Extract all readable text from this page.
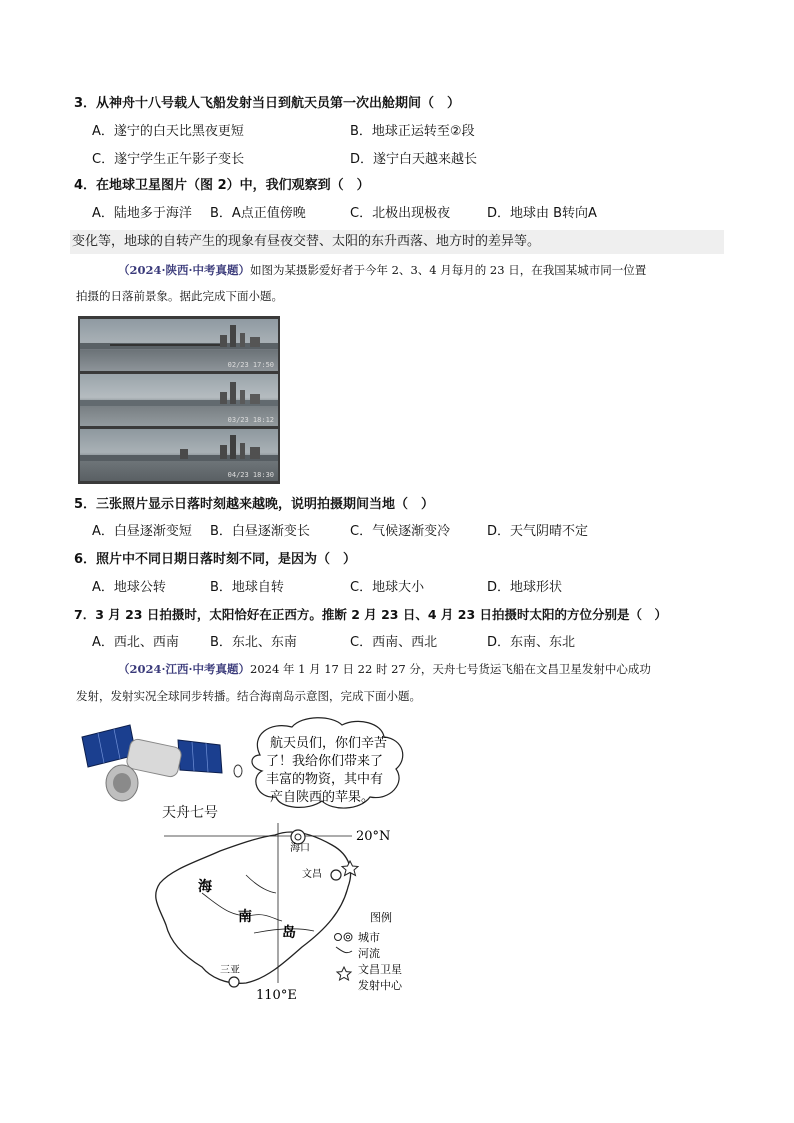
3．从神舟十八号载人飞船发射当日到航天员第一次出舱期间（　）
A．遂宁的白天比黑夜更短	B．地球正运转至②段
C．遂宁学生正午影子变长	D．遂宁白天越来越长
4．在地球卫星图片（图 2）中，我们观察到（　）
A．陆地多于海洋 B．A点正值傍晚	C．北极出现极夜	D．地球由 B转向A
变化等，地球的自转产生的现象有昼夜交替、太阳的东升西落、地方时的差异等。
（2024·陕西·中考真题）如图为某摄影爱好者于今年 2、3、4 月每月的 23 日，在我国某城市同一位置
拍摄的日落前景象。据此完成下面小题。
02/23 17:50
03/23 18:12
04/23 18:30
5．三张照片显示日落时刻越来越晚，说明拍摄期间当地（　）
A．白昼逐渐变短 B．白昼逐渐变长	C．气候逐渐变冷	D．天气阴晴不定
6．照片中不同日期日落时刻不同，是因为（　）
A．地球公转	B．地球自转	C．地球大小	D．地球形状
7．3 月 23 日拍摄时，太阳恰好在正西方。推断 2 月 23 日、4 月 23 日拍摄时太阳的方位分别是（　）
A．西北、西南 B．东北、东南	C．西南、西北	D．东南、东北
（2024·江西·中考真题）2024 年 1 月 17 日 22 时 27 分，天舟七号货运飞船在文昌卫星发射中心成功
发射，发射实况全球同步转播。结合海南岛示意图，完成下面小题。
天舟七号
航天员们，你们辛苦
了！我给你们带来了
丰富的物资，其中有
产自陕西的苹果。
20°N
110°E
海
南
岛
海口
文昌
三亚
图例
城市
河流
文昌卫星
发射中心
